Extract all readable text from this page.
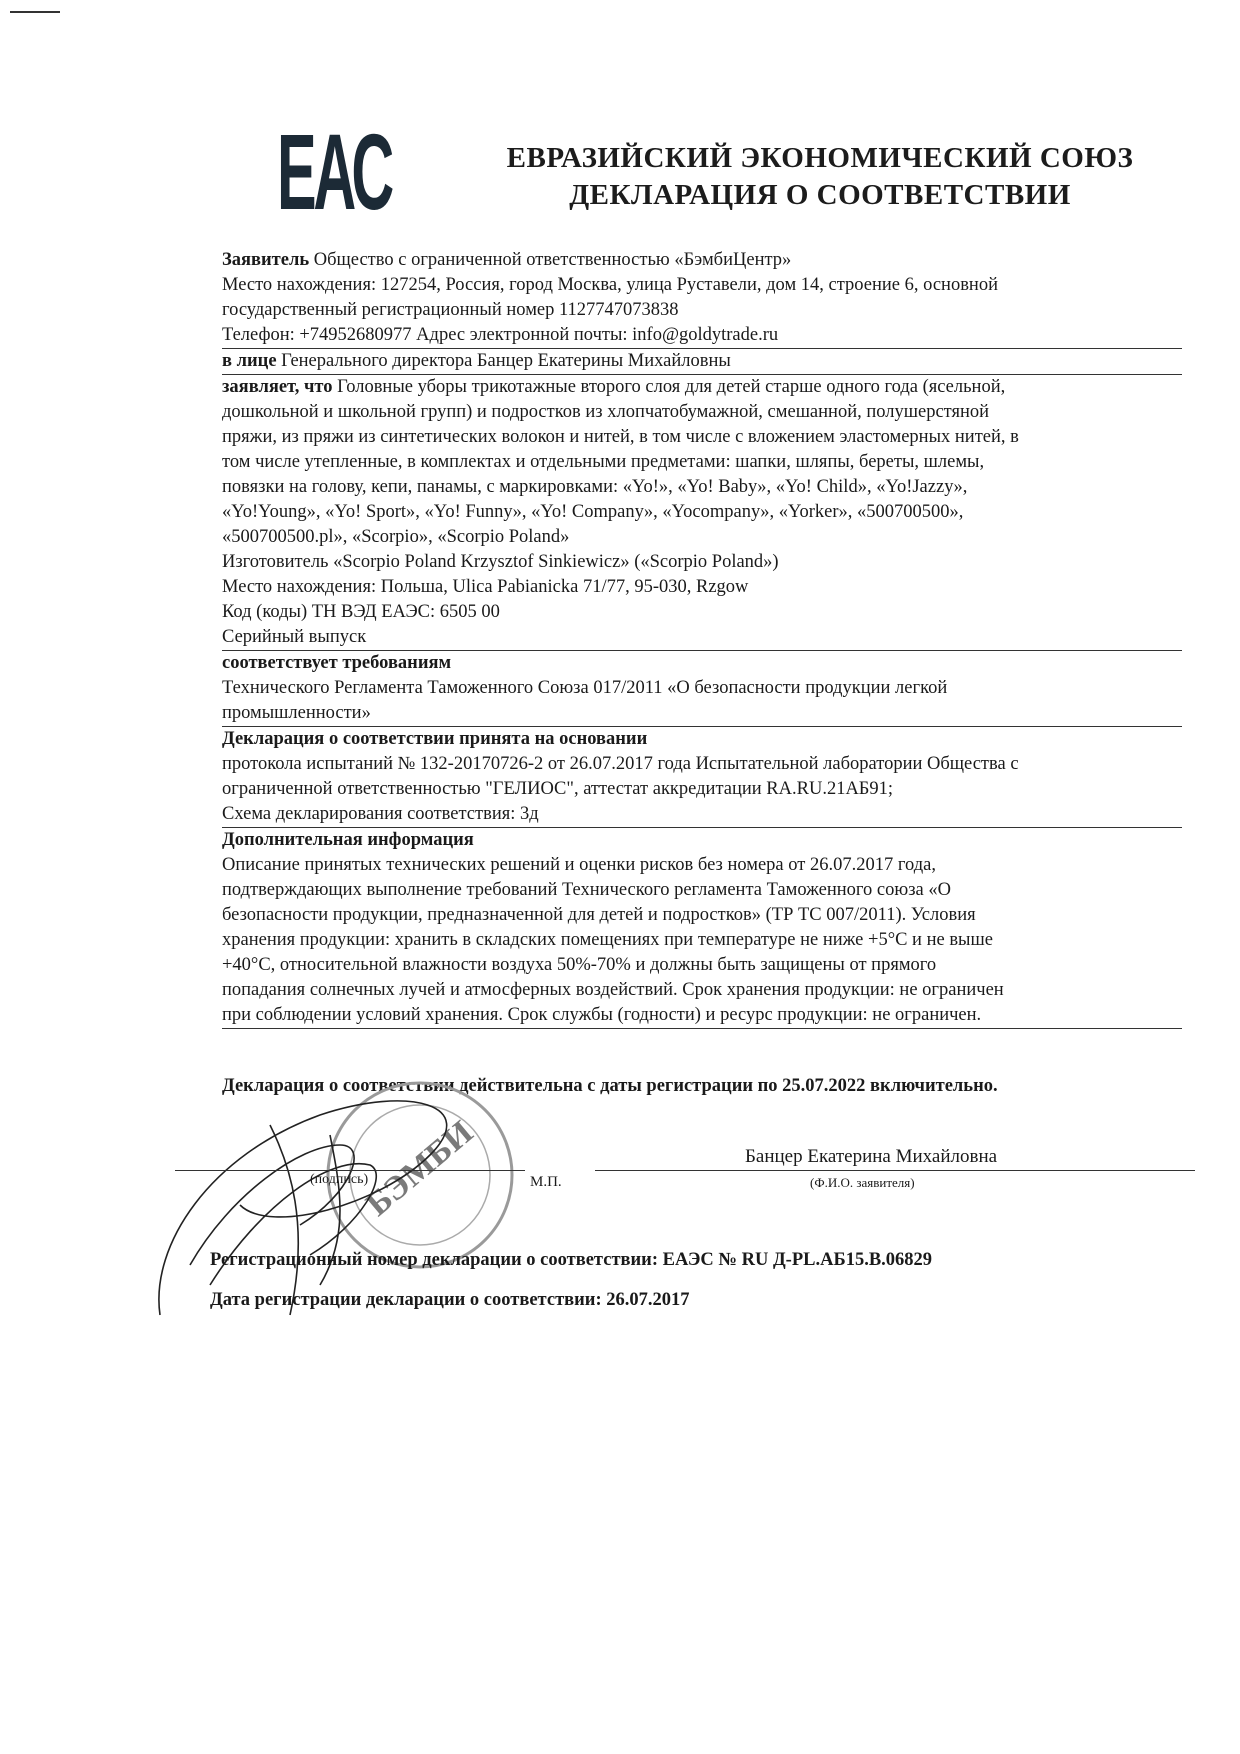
ЕАС	ЕВРАЗИЙСКИЙ ЭКОНОМИЧЕСКИЙ СОЮЗ
ДЕКЛАРАЦИЯ О СООТВЕТСТВИИ
Заявитель Общество с ограниченной ответственностью «БэмбиЦентр»
Место нахождения: 127254, Россия, город Москва, улица Руставели, дом 14, строение 6, основной
государственный регистрационный номер 1127747073838
Телефон: +74952680977 Адрес электронной почты: info@goldytrade.ru
в лице Генерального директора Банцер Екатерины Михайловны
заявляет, что Головные уборы трикотажные второго слоя для детей старше одного года (ясельной,
дошкольной и школьной групп) и подростков из хлопчатобумажной, смешанной, полушерстяной
пряжи, из пряжи из синтетических волокон и нитей, в том числе с вложением эластомерных нитей, в
том числе утепленные, в комплектах и отдельными предметами: шапки, шляпы, береты, шлемы,
повязки на голову, кепи, панамы, с маркировками: «Yo!», «Yo! Baby», «Yo! Child», «Yo!Jazzy»,
«Yo!Young», «Yo! Sport», «Yo! Funny», «Yo! Company», «Yocompany», «Yorker», «500700500»,
«500700500.pl», «Scorpio», «Scorpio Poland»
Изготовитель «Scorpio Poland Krzysztof Sinkiewicz» («Scorpio Poland»)
Место нахождения: Польша, Ulica Pabianicka 71/77, 95-030, Rzgow
Код (коды) ТН ВЭД ЕАЭС: 6505 00
Серийный выпуск
соответствует требованиям
Технического Регламента Таможенного Союза 017/2011 «О безопасности продукции легкой
промышленности»
Декларация о соответствии принята на основании
протокола испытаний № 132-20170726-2 от 26.07.2017 года Испытательной лаборатории Общества с
ограниченной ответственностью "ГЕЛИОС", аттестат аккредитации RA.RU.21АБ91;
Схема декларирования соответствия: 3д
Дополнительная информация
Описание принятых технических решений и оценки рисков без номера от 26.07.2017 года,
подтверждающих выполнение требований Технического регламента Таможенного союза «О
безопасности продукции, предназначенной для детей и подростков» (ТР ТС 007/2011). Условия
хранения продукции: хранить в складских помещениях при температуре не ниже +5°С и не выше
+40°С, относительной влажности воздуха 50%-70% и должны быть защищены от прямого
попадания солнечных лучей и атмосферных воздействий. Срок хранения продукции: не ограничен
при соблюдении условий хранения. Срок службы (годности) и ресурс продукции: не ограничен.
Декларация о соответствии действительна с даты регистрации по 25.07.2022 включительно.
БЭМБИ
(подпись)	М.П.
Банцер Екатерина Михайловна
(Ф.И.О. заявителя)
Регистрационный номер декларации о соответствии: ЕАЭС № RU Д-PL.АБ15.В.06829
Дата регистрации декларации о соответствии: 26.07.2017
